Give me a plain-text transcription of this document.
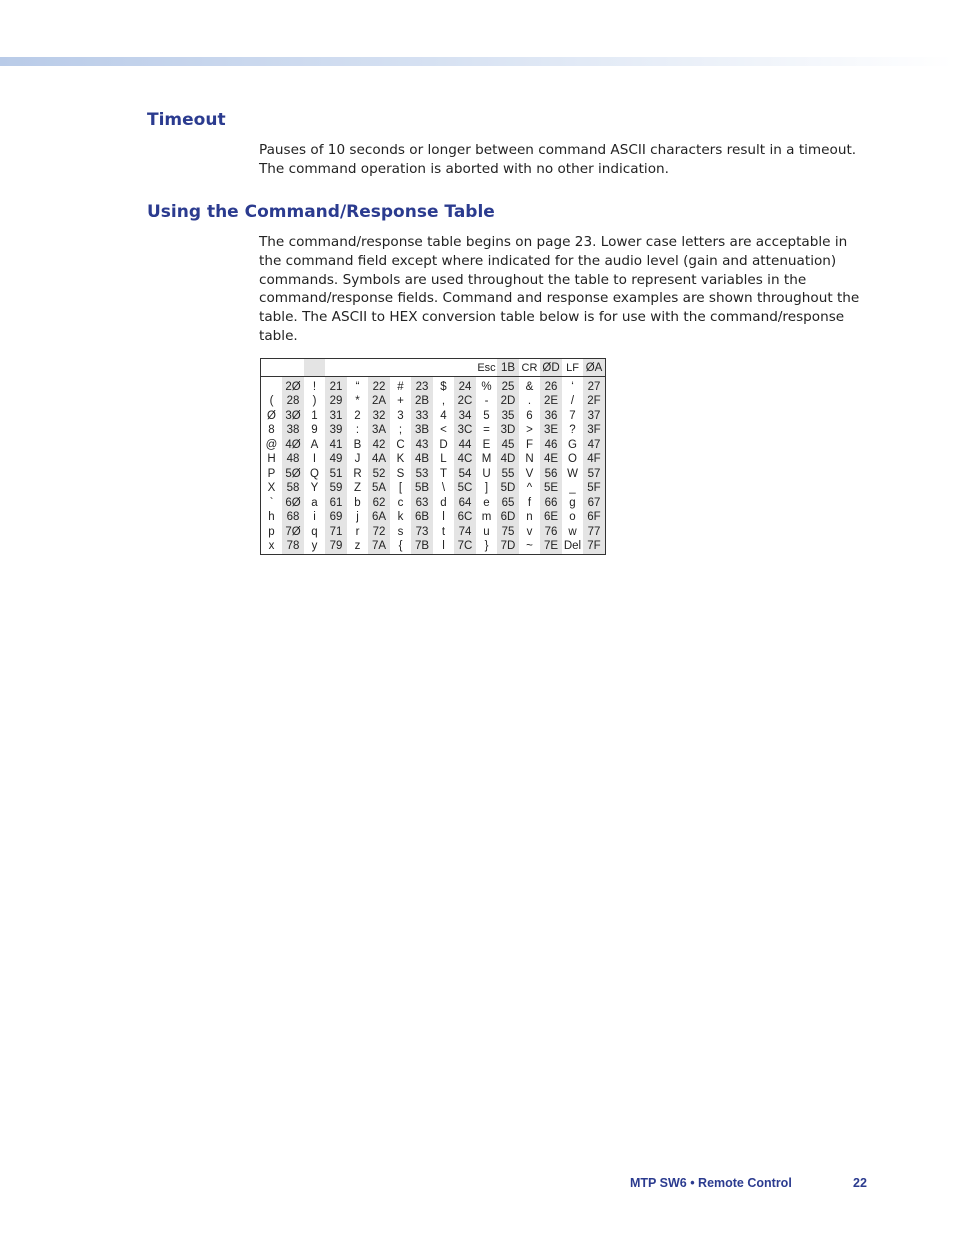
Timeout

Pauses of 10 seconds or longer between command ASCII characters result in a timeout.
The command operation is aborted with no other indication.

Using the Command/Response Table

The command/response table begins on page 23. Lower case letters are acceptable in
the command field except where indicated for the audio level (gain and attenuation)
commands. Symbols are used throughout the table to represent variables in the
command/response fields. Command and response examples are shown throughout the
table. The ASCII to HEX conversion table below is for use with the command/response
table.

										Esc	1B	CR	ØD	LF	ØA
	2Ø	!	21	“	22	#	23	$	24	%	25	&	26	‘	27
(	28	)	29	*	2A	+	2B	,	2C	-	2D	.	2E	/	2F
Ø	3Ø	1	31	2	32	3	33	4	34	5	35	6	36	7	37
8	38	9	39	:	3A	;	3B	<	3C	=	3D	>	3E	?	3F
@	4Ø	A	41	B	42	C	43	D	44	E	45	F	46	G	47
H	48	I	49	J	4A	K	4B	L	4C	M	4D	N	4E	O	4F
P	5Ø	Q	51	R	52	S	53	T	54	U	55	V	56	W	57
X	58	Y	59	Z	5A	[	5B	\	5C	]	5D	^	5E	_	5F
`	6Ø	a	61	b	62	c	63	d	64	e	65	f	66	g	67
h	68	i	69	j	6A	k	6B	l	6C	m	6D	n	6E	o	6F
p	7Ø	q	71	r	72	s	73	t	74	u	75	v	76	w	77
x	78	y	79	z	7A	{	7B	l	7C	}	7D	~	7E	Del	7F
MTP SW6 • Remote Control	22
